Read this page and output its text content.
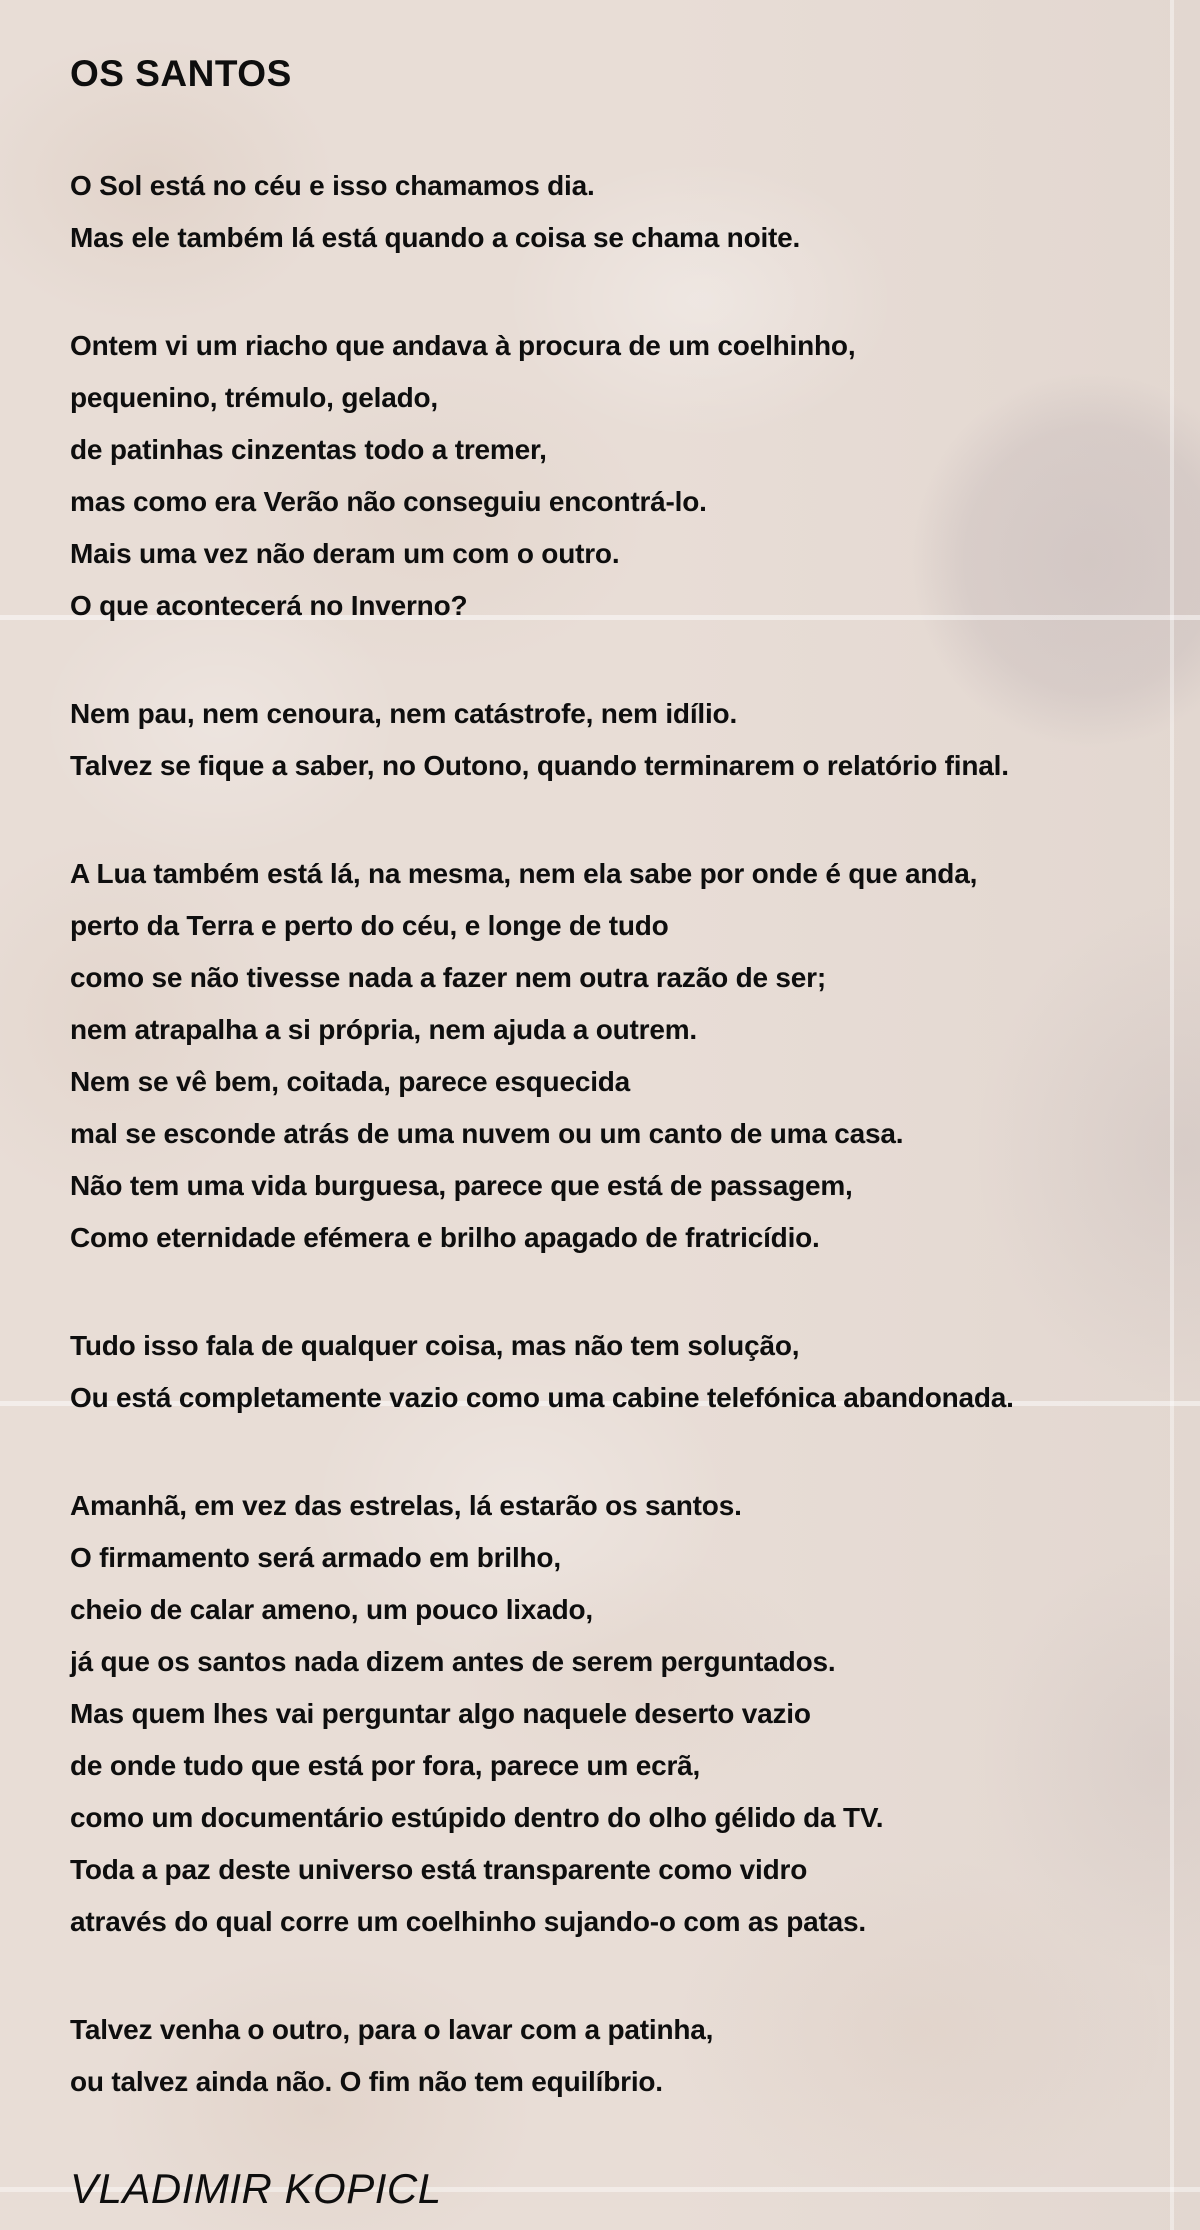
OS SANTOS

O Sol está no céu e isso chamamos dia.

Mas ele também lá está quando a coisa se chama noite.

Ontem vi um riacho que andava à procura de um coelhinho,

pequenino, trémulo, gelado,

de patinhas cinzentas todo a tremer,

mas como era Verão não conseguiu encontrá-lo.

Mais uma vez não deram um com o outro.

O que acontecerá no Inverno?

Nem pau, nem cenoura, nem catástrofe, nem idílio.

Talvez se fique a saber, no Outono, quando terminarem o relatório final.

A Lua também está lá, na mesma, nem ela sabe por onde é que anda,

perto da Terra e perto do céu, e longe de tudo

como se não tivesse nada a fazer nem outra razão de ser;

nem atrapalha a si própria, nem ajuda a outrem.

Nem se vê bem, coitada, parece esquecida

mal se esconde atrás de uma nuvem ou um canto de uma casa.

Não tem uma vida burguesa, parece que está de passagem,

Como eternidade efémera e brilho apagado de fratricídio.

Tudo isso fala de qualquer coisa, mas não tem solução,

Ou está completamente vazio como uma cabine telefónica abandonada.

Amanhã, em vez das estrelas, lá estarão os santos.

O firmamento será armado em brilho,

cheio de calar ameno, um pouco lixado,

já que os santos nada dizem antes de serem perguntados.

Mas quem lhes vai perguntar algo naquele deserto vazio

de onde tudo que está por fora, parece um ecrã,

como um documentário estúpido dentro do olho gélido da TV.

Toda a paz deste universo está transparente como vidro

através do qual corre um coelhinho sujando-o com as patas.

Talvez venha o outro, para o lavar com a patinha,

ou talvez ainda não. O fim não tem equilíbrio.

VLADIMIR KOPICL
